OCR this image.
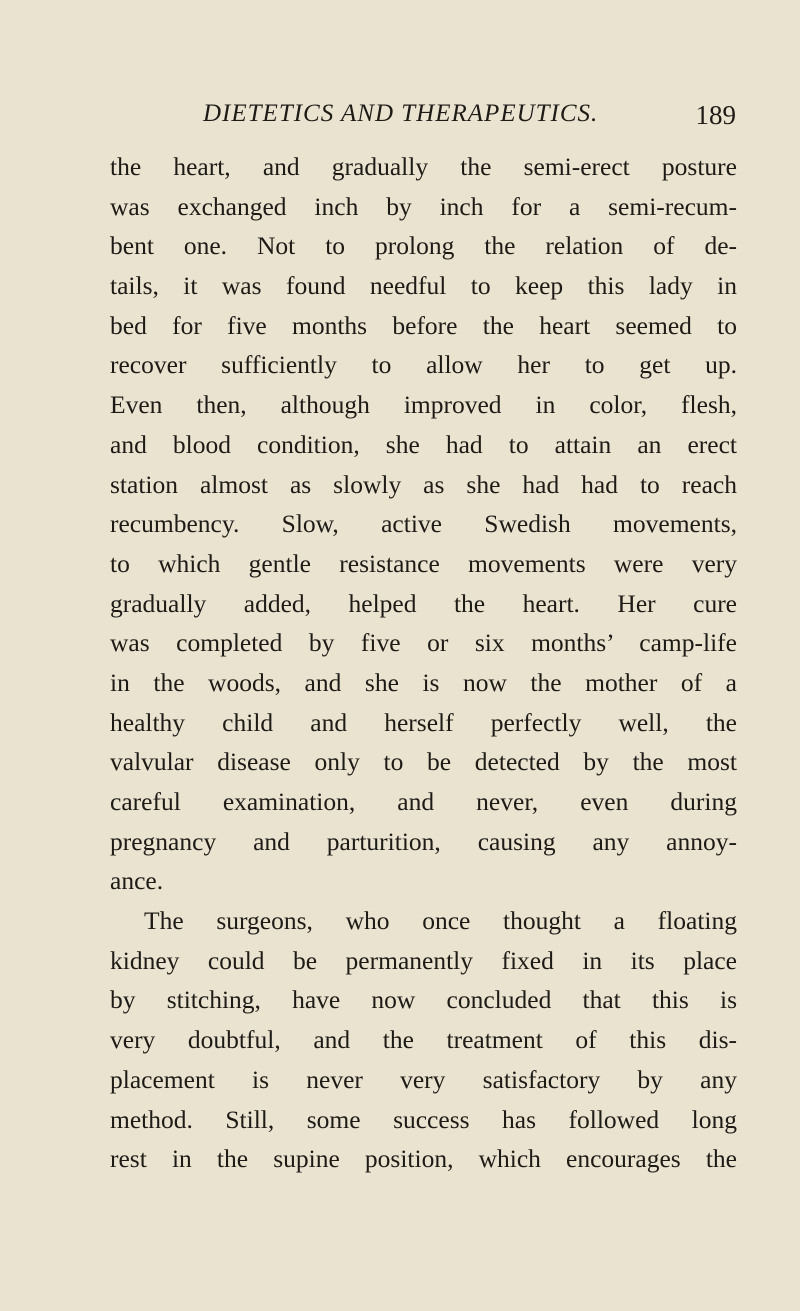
DIETETICS AND THERAPEUTICS.	189
the heart, and gradually the semi-erect posture
was exchanged inch by inch for a semi-recum-
bent one. Not to prolong the relation of de-
tails, it was found needful to keep this lady in
bed for five months before the heart seemed to
recover sufficiently to allow her to get up.
Even then, although improved in color, flesh,
and blood condition, she had to attain an erect
station almost as slowly as she had had to reach
recumbency. Slow, active Swedish movements,
to which gentle resistance movements were very
gradually added, helped the heart. Her cure
was completed by five or six months’ camp-life
in the woods, and she is now the mother of a
healthy child and herself perfectly well, the
valvular disease only to be detected by the most
careful examination, and never, even during
pregnancy and parturition, causing any annoy-
ance.
The surgeons, who once thought a floating
kidney could be permanently fixed in its place
by stitching, have now concluded that this is
very doubtful, and the treatment of this dis-
placement is never very satisfactory by any
method. Still, some success has followed long
rest in the supine position, which encourages the
